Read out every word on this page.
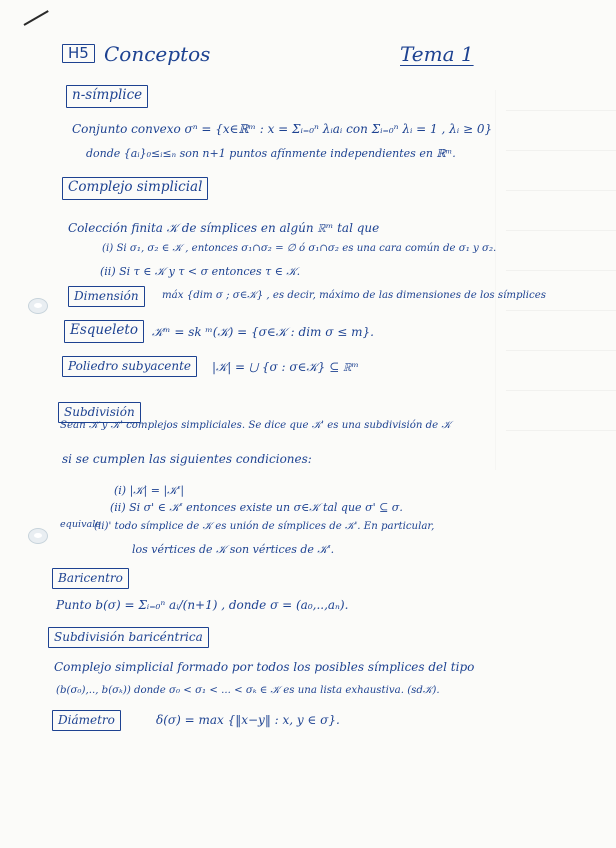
H5 Conceptos	Tema 1
n-símplice
Conjunto convexo σⁿ = {x∈ℝᵐ : x = Σᵢ₌₀ⁿ λᵢaᵢ con Σᵢ₌₀ⁿ λᵢ = 1 , λᵢ ≥ 0}
donde {aᵢ}₀≤ᵢ≤ₙ son n+1 puntos afínmente independientes en ℝᵐ.
Complejo simplicial
Colección finita 𝒦 de símplices en algún ℝᵐ tal que
(i) Si σ₁, σ₂ ∈ 𝒦 , entonces σ₁∩σ₂ = ∅ ó σ₁∩σ₂ es una cara común de σ₁ y σ₂.
(ii) Si τ ∈ 𝒦 y τ < σ entonces τ ∈ 𝒦.
Dimensión	máx {dim σ ; σ∈𝒦} , es decir, máximo de las dimensiones de los símplices
Esqueleto	𝒦ᵐ = sk ᵐ(𝒦) = {σ∈𝒦 : dim σ ≤ m}.
Poliedro subyacente	|𝒦| = ⋃ {σ : σ∈𝒦} ⊆ ℝᵐ
Subdivisión
Sean 𝒦 y 𝒦' complejos simpliciales. Se dice que 𝒦' es una subdivisión de 𝒦
si se cumplen las siguientes condiciones:
(i) |𝒦| = |𝒦'|
equivale
(ii) Si σ' ∈ 𝒦' entonces existe un σ∈𝒦 tal que σ' ⊆ σ.
(ii)' todo símplice de 𝒦 es unión de símplices de 𝒦'. En particular,
los vértices de 𝒦 son vértices de 𝒦'.
Baricentro
Punto b(σ) = Σᵢ₌₀ⁿ aᵢ/(n+1) , donde σ = (a₀,..,aₙ).
Subdivisión baricéntrica
Complejo simplicial formado por todos los posibles símplices del tipo
(b(σ₀),.., b(σₖ)) donde σ₀ < σ₁ < ... < σₖ ∈ 𝒦 es una lista exhaustiva. (sd𝒦).
Diámetro	δ(σ) = max {‖x−y‖ : x, y ∈ σ}.
